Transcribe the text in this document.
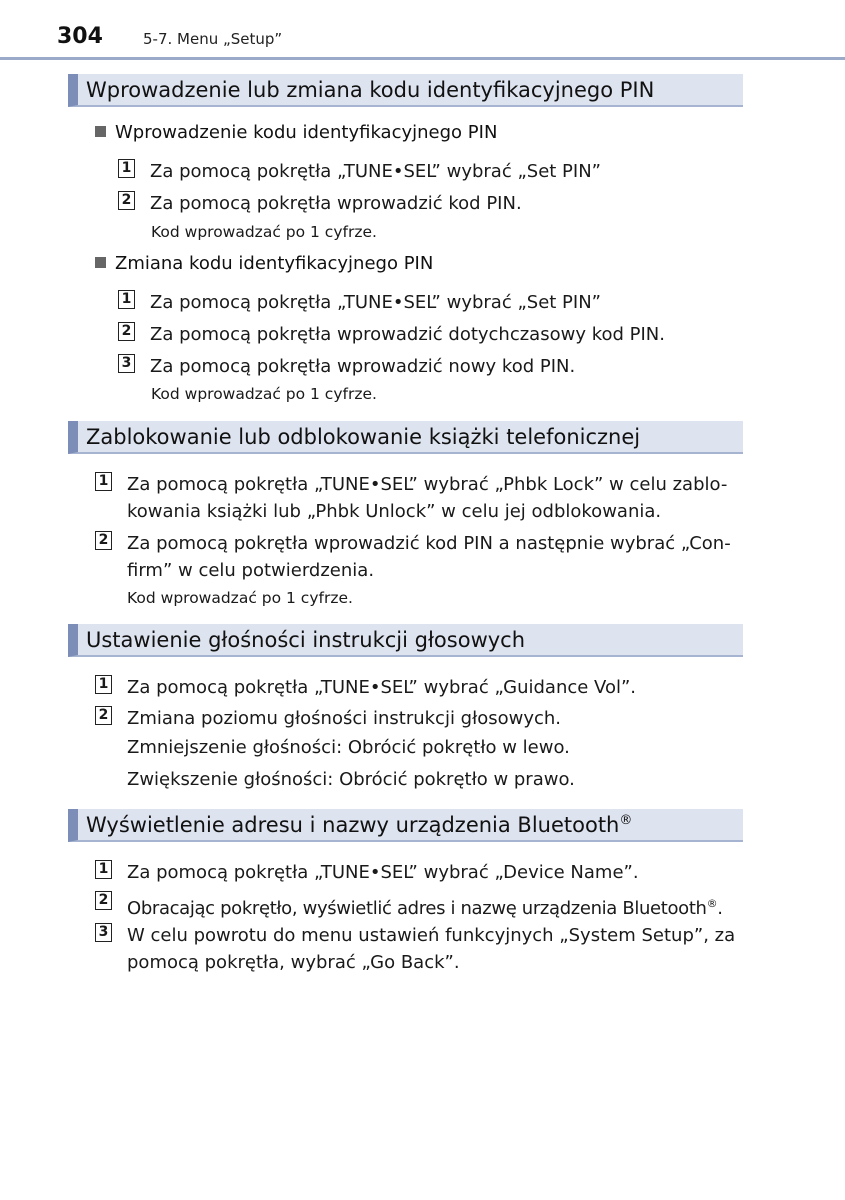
304	5-7. Menu „Setup”
Wprowadzenie lub zmiana kodu identyfikacyjnego PIN
Wprowadzenie kodu identyfikacyjnego PIN
1 Za pomocą pokrętła „TUNE•SEL” wybrać „Set PIN”
2 Za pomocą pokrętła wprowadzić kod PIN.
Kod wprowadzać po 1 cyfrze.
Zmiana kodu identyfikacyjnego PIN
1 Za pomocą pokrętła „TUNE•SEL” wybrać „Set PIN”
2 Za pomocą pokrętła wprowadzić dotychczasowy kod PIN.
3 Za pomocą pokrętła wprowadzić nowy kod PIN.
Kod wprowadzać po 1 cyfrze.
Zablokowanie lub odblokowanie książki telefonicznej
1 Za pomocą pokrętła „TUNE•SEL” wybrać „Phbk Lock” w celu zablo-
kowania książki lub „Phbk Unlock” w celu jej odblokowania.
2 Za pomocą pokrętła wprowadzić kod PIN a następnie wybrać „Con-
firm” w celu potwierdzenia.
Kod wprowadzać po 1 cyfrze.
Ustawienie głośności instrukcji głosowych
1 Za pomocą pokrętła „TUNE•SEL” wybrać „Guidance Vol”.
2 Zmiana poziomu głośności instrukcji głosowych.
Zmniejszenie głośności: Obrócić pokrętło w lewo.
Zwiększenie głośności: Obrócić pokrętło w prawo.
Wyświetlenie adresu i nazwy urządzenia Bluetooth®
1 Za pomocą pokrętła „TUNE•SEL” wybrać „Device Name”.
2 Obracając pokrętło, wyświetlić adres i nazwę urządzenia Bluetooth®.
3 W celu powrotu do menu ustawień funkcyjnych „System Setup”, za
pomocą pokrętła, wybrać „Go Back”.
